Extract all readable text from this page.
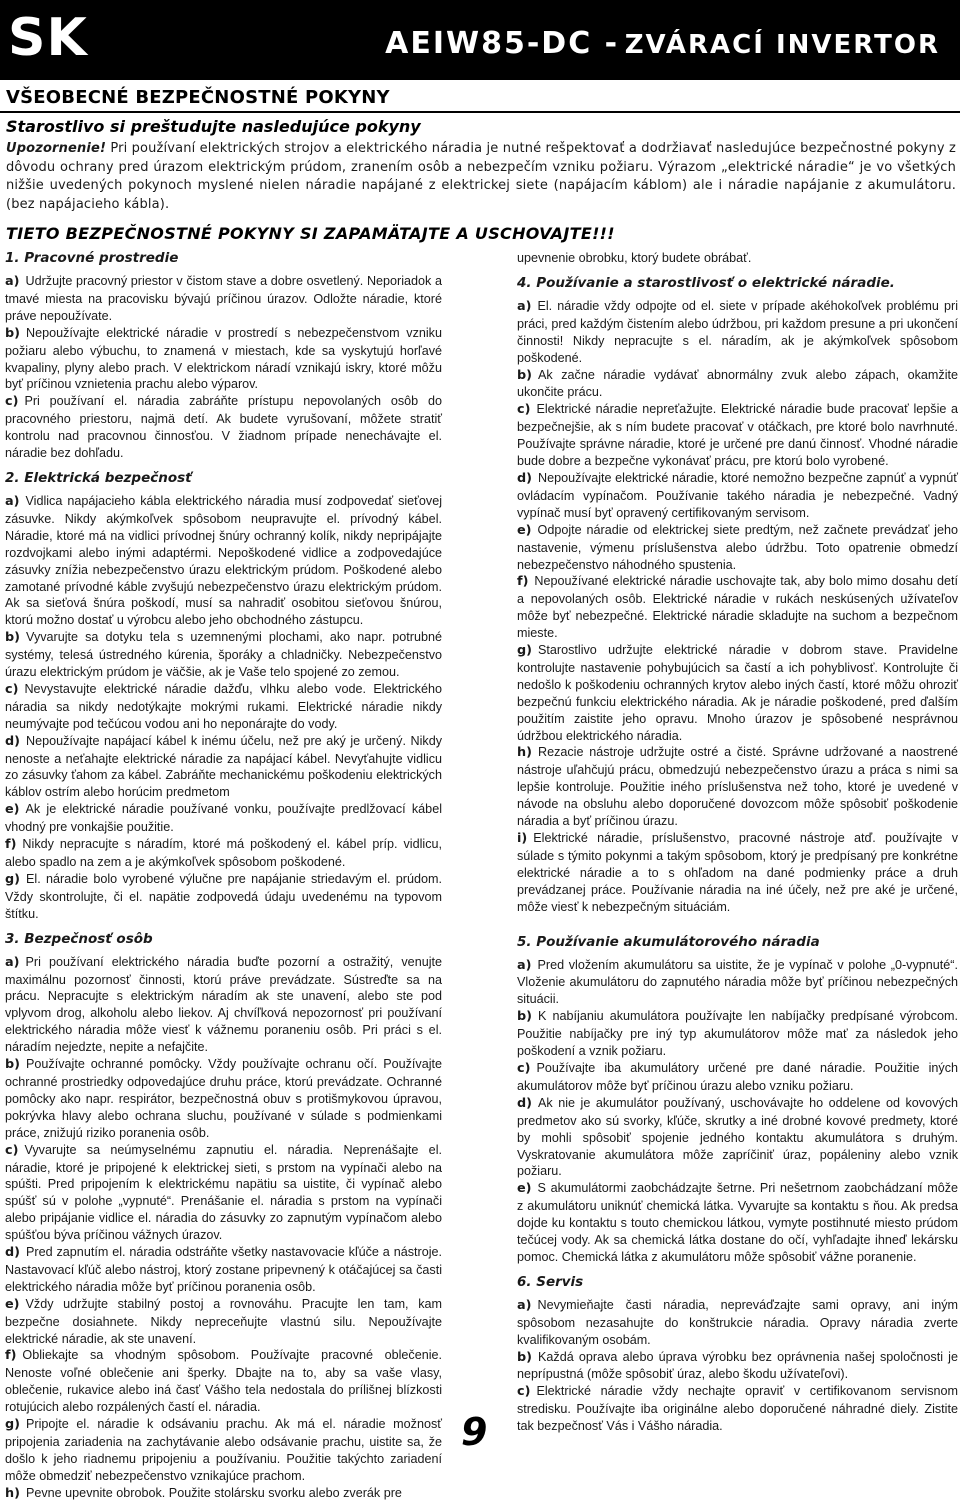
SK	AEIW85-DC - ZVÁRACÍ INVERTOR
VŠEOBECNÉ BEZPEČNOSTNÉ POKYNY
Starostlivo si preštudujte nasledujúce pokyny
Upozornenie! Pri používaní elektrických strojov a elektrického náradia je nutné rešpektovať a dodržiavať nasledujúce bezpečnostné pokyny z dôvodu ochrany pred úrazom elektrickým prúdom, zranením osôb a nebezpečím vzniku požiaru. Výrazom „elektrické náradie“ je vo všetkých nižšie uvedených pokynoch myslené nielen náradie napájané z elektrickej siete (napájacím káblom) ale i náradie napájanie z akumulátoru. (bez napájacieho kábla).
TIETO BEZPEČNOSTNÉ POKYNY SI ZAPAMÄTAJTE A USCHOVAJTE!!!
1. Pracovné prostredie

a) Udržujte pracovný priestor v čistom stave a dobre osvetlený. Neporiadok a tmavé miesta na pracovisku bývajú príčinou úrazov. Odložte náradie, ktoré práve nepoužívate.

b) Nepoužívajte elektrické náradie v prostredí s nebezpečenstvom vzniku požiaru alebo výbuchu, to znamená v miestach, kde sa vyskytujú horľavé kvapaliny, plyny alebo prach. V elektrickom náradí vznikajú iskry, ktoré môžu byť príčinou vznietenia prachu alebo výparov.

c) Pri používaní el. náradia zabráňte prístupu nepovolaných osôb do pracovného priestoru, najmä detí. Ak budete vyrušovaní, môžete stratiť kontrolu nad pracovnou činnosťou. V žiadnom prípade nenechávajte el. náradie bez dohľadu.

2. Elektrická bezpečnosť

a) Vidlica napájacieho kábla elektrického náradia musí zodpovedať sieťovej zásuvke. Nikdy akýmkoľvek spôsobom neupravujte el. prívodný kábel. Náradie, ktoré má na vidlici prívodnej šnúry ochranný kolík, nikdy nepripájajte rozdvojkami alebo inými adaptérmi. Nepoškodené vidlice a zodpovedajúce zásuvky znížia nebezpečenstvo úrazu elektrickým prúdom. Poškodené alebo zamotané prívodné káble zvyšujú nebezpečenstvo úrazu elektrickým prúdom. Ak sa sieťová šnúra poškodí, musí sa nahradiť osobitou sieťovou šnúrou, ktorú možno dostať u výrobcu alebo jeho obchodného zástupcu.

b) Vyvarujte sa dotyku tela s uzemnenými plochami, ako napr. potrubné systémy, telesá ústredného kúrenia, šporáky a chladničky. Nebezpečenstvo úrazu elektrickým prúdom je väčšie, ak je Vaše telo spojené zo zemou.

c) Nevystavujte elektrické náradie dažďu, vlhku alebo vode. Elektrického náradia sa nikdy nedotýkajte mokrými rukami. Elektrické náradie nikdy neumývajte pod tečúcou vodou ani ho neponárajte do vody.

d) Nepoužívajte napájací kábel k inému účelu, než pre aký je určený. Nikdy nenoste a neťahajte elektrické náradie za napájací kábel. Nevyťahujte vidlicu zo zásuvky ťahom za kábel. Zabráňte mechanickému poškodeniu elektrických káblov ostrím alebo horúcim predmetom

e) Ak je elektrické náradie používané vonku, používajte predlžovací kábel vhodný pre vonkajšie použitie.

f) Nikdy nepracujte s náradím, ktoré má poškodený el. kábel príp. vidlicu, alebo spadlo na zem a je akýmkoľvek spôsobom poškodené.

g) El. náradie bolo vyrobené výlučne pre napájanie striedavým el. prúdom. Vždy skontrolujte, či el. napätie zodpovedá údaju uvedenému na typovom štítku.

3. Bezpečnosť osôb

a) Pri používaní elektrického náradia buďte pozorní a ostražitý, venujte maximálnu pozornosť činnosti, ktorú práve prevádzate. Sústreďte sa na prácu. Nepracujte s elektrickým náradím ak ste unavení, alebo ste pod vplyvom drog, alkoholu alebo liekov. Aj chvíľková nepozornosť pri používaní elektrického náradia môže viesť k vážnemu poraneniu osôb. Pri práci s el. náradím nejedzte, nepite a nefajčite.

b) Používajte ochranné pomôcky. Vždy používajte ochranu očí. Používajte ochranné prostriedky odpovedajúce druhu práce, ktorú prevádzate. Ochranné pomôcky ako napr. respirátor, bezpečnostná obuv s protišmykovou úpravou, pokrývka hlavy alebo ochrana sluchu, používané v súlade s podmienkami práce, znižujú riziko poranenia osôb.

c) Vyvarujte sa neúmyselnému zapnutiu el. náradia. Neprenášajte el. náradie, ktoré je pripojené k elektrickej sieti, s prstom na vypínači alebo na spúšti. Pred pripojením k elektrickému napätiu sa uistite, či vypínač alebo spúšť sú v polohe „vypnuté“. Prenášanie el. náradia s prstom na vypínači alebo pripájanie vidlice el. náradia do zásuvky zo zapnutým vypínačom alebo spúšťou býva príčinou vážnych úrazov.

d) Pred zapnutím el. náradia odstráňte všetky nastavovacie kľúče a nástroje. Nastavovací kľúč alebo nástroj, ktorý zostane pripevnený k otáčajúcej sa časti elektrického náradia môže byť príčinou poranenia osôb.

e) Vždy udržujte stabilný postoj a rovnováhu. Pracujte len tam, kam bezpečne dosiahnete. Nikdy nepreceňujte vlastnú silu. Nepoužívajte elektrické náradie, ak ste unavení.

f) Obliekajte sa vhodným spôsobom. Používajte pracovné oblečenie. Nenoste voľné oblečenie ani šperky. Dbajte na to, aby sa vaše vlasy, oblečenie, rukavice alebo iná časť Vášho tela nedostala do prílišnej blízkosti rotujúcich alebo rozpálených častí el. náradia.

g) Pripojte el. náradie k odsávaniu prachu. Ak má el. náradie možnosť pripojenia zariadenia na zachytávanie alebo odsávanie prachu, uistite sa, že došlo k jeho riadnemu pripojeniu a používaniu. Použitie takýchto zariadení môže obmedziť nebezpečenstvo vznikajúce prachom.

h) Pevne upevnite obrobok. Použite stolársku svorku alebo zverák pre

upevnenie obrobku, ktorý budete obrábať.

4. Používanie a starostlivosť o elektrické náradie.

a) El. náradie vždy odpojte od el. siete v prípade akéhokoľvek problému pri práci, pred každým čistením alebo údržbou, pri každom presune a pri ukončení činnosti! Nikdy nepracujte s el. náradím, ak je akýmkoľvek spôsobom poškodené.

b) Ak začne náradie vydávať abnormálny zvuk alebo zápach, okamžite ukončite prácu.

c) Elektrické náradie nepreťažujte. Elektrické náradie bude pracovať lepšie a bezpečnejšie, ak s ním budete pracovať v otáčkach, pre ktoré bolo navrhnuté. Používajte správne náradie, ktoré je určené pre danú činnosť. Vhodné náradie bude dobre a bezpečne vykonávať prácu, pre ktorú bolo vyrobené.

d) Nepoužívajte elektrické náradie, ktoré nemožno bezpečne zapnúť a vypnúť ovládacím vypínačom. Používanie takého náradia je nebezpečné. Vadný vypínač musí byť opravený certifikovaným servisom.

e) Odpojte náradie od elektrickej siete predtým, než začnete prevádzať jeho nastavenie, výmenu príslušenstva alebo údržbu. Toto opatrenie obmedzí nebezpečenstvo náhodného spustenia.

f) Nepoužívané elektrické náradie uschovajte tak, aby bolo mimo dosahu detí a nepovolaných osôb. Elektrické náradie v rukách neskúsených užívateľov môže byť nebezpečné. Elektrické náradie skladujte na suchom a bezpečnom mieste.

g) Starostlivo udržujte elektrické náradie v dobrom stave. Pravidelne kontrolujte nastavenie pohybujúcich sa častí a ich pohyblivosť. Kontrolujte či nedošlo k poškodeniu ochranných krytov alebo iných častí, ktoré môžu ohroziť bezpečnú funkciu elektrického náradia. Ak je náradie poškodené, pred ďalším použitím zaistite jeho opravu. Mnoho úrazov je spôsobené nesprávnou údržbou elektrického náradia.

h) Rezacie nástroje udržujte ostré a čisté. Správne udržované a naostrené nástroje uľahčujú prácu, obmedzujú nebezpečenstvo úrazu a práca s nimi sa lepšie kontroluje. Použitie iného príslušenstva než toho, ktoré je uvedené v návode na obsluhu alebo doporučené dovozcom môže spôsobiť poškodenie náradia a byť príčinou úrazu.

i) Elektrické náradie, príslušenstvo, pracovné nástroje atď. používajte v súlade s týmito pokynmi a takým spôsobom, ktorý je predpísaný pre konkrétne elektrické náradie a to s ohľadom na dané podmienky práce a druh prevádzanej práce. Používanie náradia na iné účely, než pre aké je určené, môže viesť k nebezpečným situáciám.

5. Používanie akumulátorového náradia

a) Pred vložením akumulátoru sa uistite, že je vypínač v polohe „0-vypnuté“. Vloženie akumulátoru do zapnutého náradia môže byť príčinou nebezpečných situácii.

b) K nabíjaniu akumulátora používajte len nabíjačky predpísané výrobcom. Použitie nabíjačky pre iný typ akumulátorov môže mať za následok jeho poškodení a vznik požiaru.

c) Používajte iba akumulátory určené pre dané náradie. Použitie iných akumulátorov môže byť príčinou úrazu alebo vzniku požiaru.

d) Ak nie je akumulátor používaný, uschovávajte ho oddelene od kovových predmetov ako sú svorky, kľúče, skrutky a iné drobné kovové predmety, ktoré by mohli spôsobiť spojenie jedného kontaktu akumulátora s druhým. Vyskratovanie akumulátora môže zapríčiniť úraz, popáleniny alebo vznik požiaru.

e) S akumulátormi zaobchádzajte šetrne. Pri nešetrnom zaobchádzaní môže z akumulátoru uniknúť chemická látka. Vyvarujte sa kontaktu s ňou. Ak predsa dojde ku kontaktu s touto chemickou látkou, vymyte postihnuté miesto prúdom tečúcej vody. Ak sa chemická látka dostane do očí, vyhľadajte ihneď lekársku pomoc. Chemická látka z akumulátoru môže spôsobiť vážne poranenie.

6. Servis

a) Nevymieňajte časti náradia, nepreváďzajte sami opravy, ani iným spôsobom nezasahujte do konštrukcie náradia. Opravy náradia zverte kvalifikovaným osobám.

b) Každá oprava alebo úprava výrobku bez oprávnenia našej spoločnosti je neprípustná (môže spôsobiť úraz, alebo škodu užívateľovi).

c) Elektrické náradie vždy nechajte opraviť v certifikovanom servisnom stredisku. Používajte iba originálne alebo doporučené náhradné diely. Zistite tak bezpečnosť Vás i Vášho náradia.

9
